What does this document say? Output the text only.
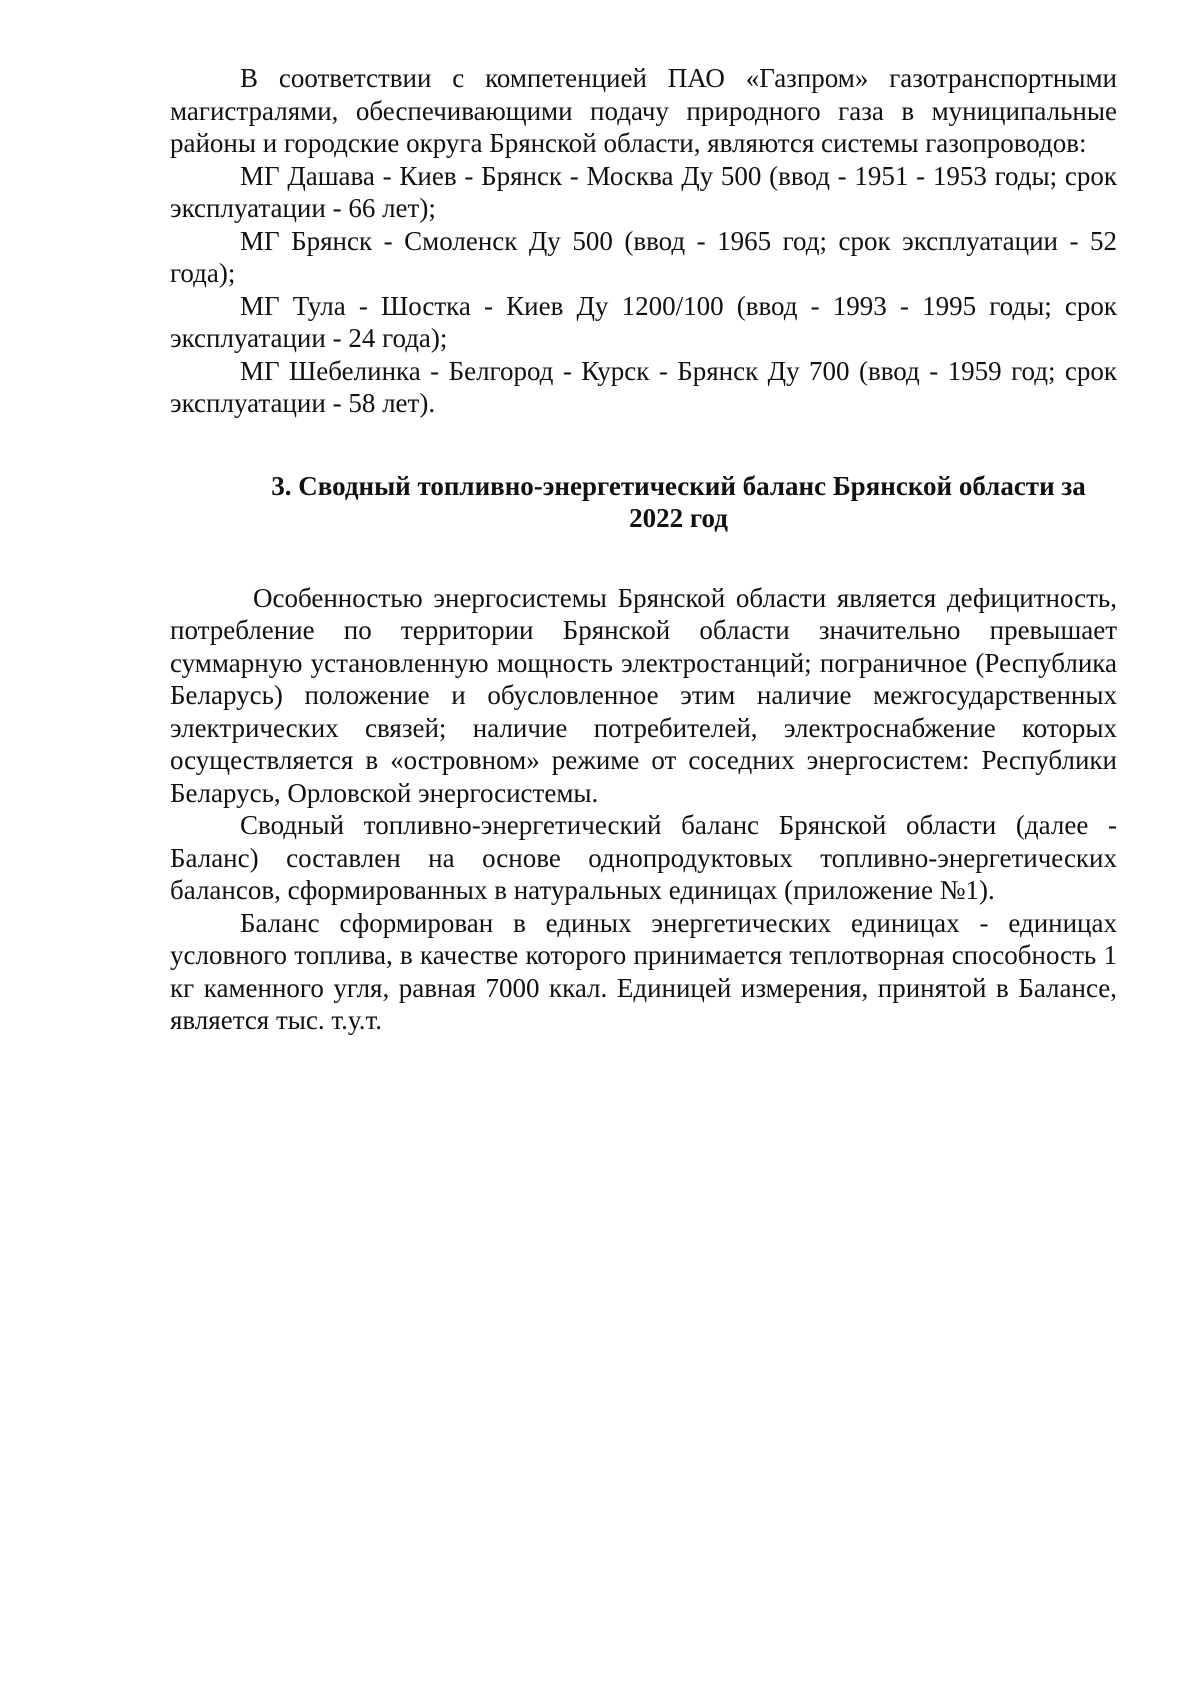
В соответствии с компетенцией ПАО «Газпром» газотранспортными магистралями, обеспечивающими подачу природного газа в муниципальные районы и городские округа Брянской области, являются системы газопроводов:

МГ Дашава - Киев - Брянск - Москва Ду 500 (ввод - 1951 - 1953 годы; срок эксплуатации - 66 лет);

МГ Брянск - Смоленск Ду 500 (ввод - 1965 год; срок эксплуатации - 52 года);

МГ Тула - Шостка - Киев Ду 1200/100 (ввод - 1993 - 1995 годы; срок эксплуатации - 24 года);

МГ Шебелинка - Белгород - Курск - Брянск Ду 700 (ввод - 1959 год; срок эксплуатации - 58 лет).

3. Сводный топливно-энергетический баланс Брянской области за
2022 год

Особенностью энергосистемы Брянской области является дефицитность, потребление по территории Брянской области значительно превышает суммарную установленную мощность электростанций; пограничное (Республика Беларусь) положение и обусловленное этим наличие межгосударственных электрических связей; наличие потребителей, электроснабжение которых осуществляется в «островном» режиме от соседних энергосистем: Республики Беларусь, Орловской энергосистемы.

Сводный топливно-энергетический баланс Брянской области (далее - Баланс) составлен на основе однопродуктовых топливно-энергетических балансов, сформированных в натуральных единицах (приложение №1).

Баланс сформирован в единых энергетических единицах - единицах условного топлива, в качестве которого принимается теплотворная способность 1 кг каменного угля, равная 7000 ккал. Единицей измерения, принятой в Балансе, является тыс. т.у.т.
